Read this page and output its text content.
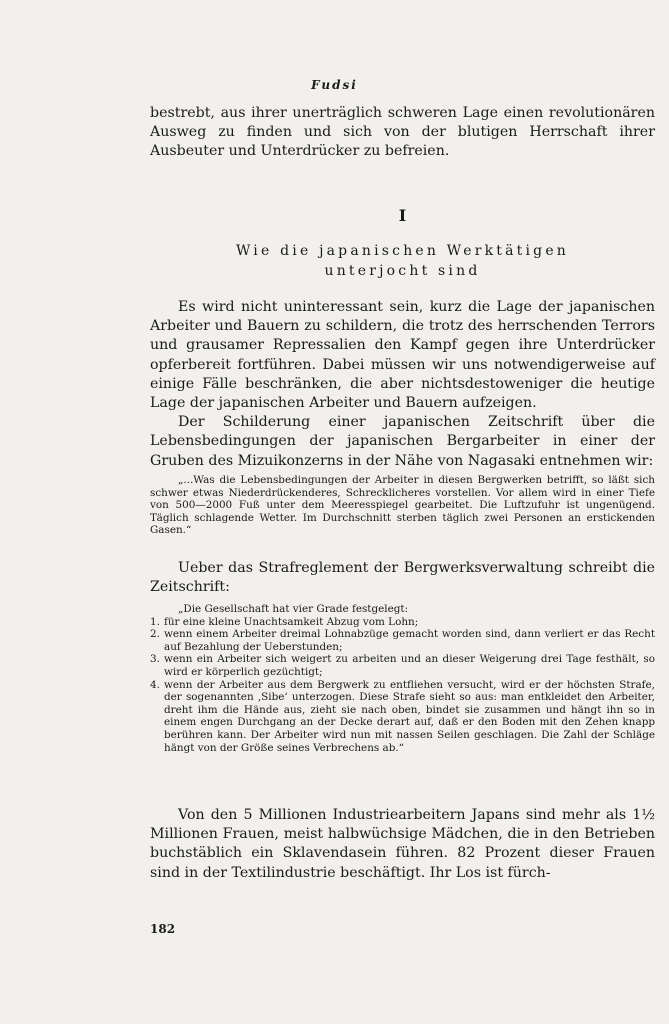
Fudsi

bestrebt, aus ihrer unerträglich schweren Lage einen revolutionären Ausweg zu finden und sich von der blutigen Herrschaft ihrer Ausbeuter und Unterdrücker zu befreien.

I
Wie die japanischen Werktätigen
unterjocht sind

Es wird nicht uninteressant sein, kurz die Lage der japanischen Arbeiter und Bauern zu schildern, die trotz des herrschenden Terrors und grausamer Repressalien den Kampf gegen ihre Unterdrücker opferbereit fortführen. Dabei müssen wir uns notwendigerweise auf einige Fälle beschränken, die aber nichtsdestoweniger die heutige Lage der japanischen Arbeiter und Bauern aufzeigen.

Der Schilderung einer japanischen Zeitschrift über die Lebensbedingungen der japanischen Bergarbeiter in einer der Gruben des Mizuikonzerns in der Nähe von Nagasaki entnehmen wir:

„...Was die Lebensbedingungen der Arbeiter in diesen Bergwerken betrifft, so läßt sich schwer etwas Niederdrückenderes, Schrecklicheres vorstellen. Vor allem wird in einer Tiefe von 500—2000 Fuß unter dem Meeresspiegel gearbeitet. Die Luftzufuhr ist ungenügend. Täglich schlagende Wetter. Im Durchschnitt sterben täglich zwei Personen an erstickenden Gasen.“

Ueber das Strafreglement der Bergwerksverwaltung schreibt die Zeitschrift:

„Die Gesellschaft hat vier Grade festgelegt:

1. für eine kleine Unachtsamkeit Abzug vom Lohn;
2. wenn einem Arbeiter dreimal Lohnabzüge gemacht worden sind, dann verliert er das Recht auf Bezahlung der Ueberstunden;
3. wenn ein Arbeiter sich weigert zu arbeiten und an dieser Weigerung drei Tage festhält, so wird er körperlich gezüchtigt;
4. wenn der Arbeiter aus dem Bergwerk zu entfliehen versucht, wird er der höchsten Strafe, der sogenannten ‚Sibe‘ unterzogen. Diese Strafe sieht so aus: man entkleidet den Arbeiter, dreht ihm die Hände aus, zieht sie nach oben, bindet sie zusammen und hängt ihn so in einem engen Durchgang an der Decke derart auf, daß er den Boden mit den Zehen knapp berühren kann. Der Arbeiter wird nun mit nassen Seilen geschlagen. Die Zahl der Schläge hängt von der Größe seines Verbrechens ab.“

Von den 5 Millionen Industriearbeitern Japans sind mehr als 1½ Millionen Frauen, meist halbwüchsige Mädchen, die in den Betrieben buchstäblich ein Sklavendasein führen. 82 Prozent dieser Frauen sind in der Textilindustrie beschäftigt. Ihr Los ist fürch-

182
